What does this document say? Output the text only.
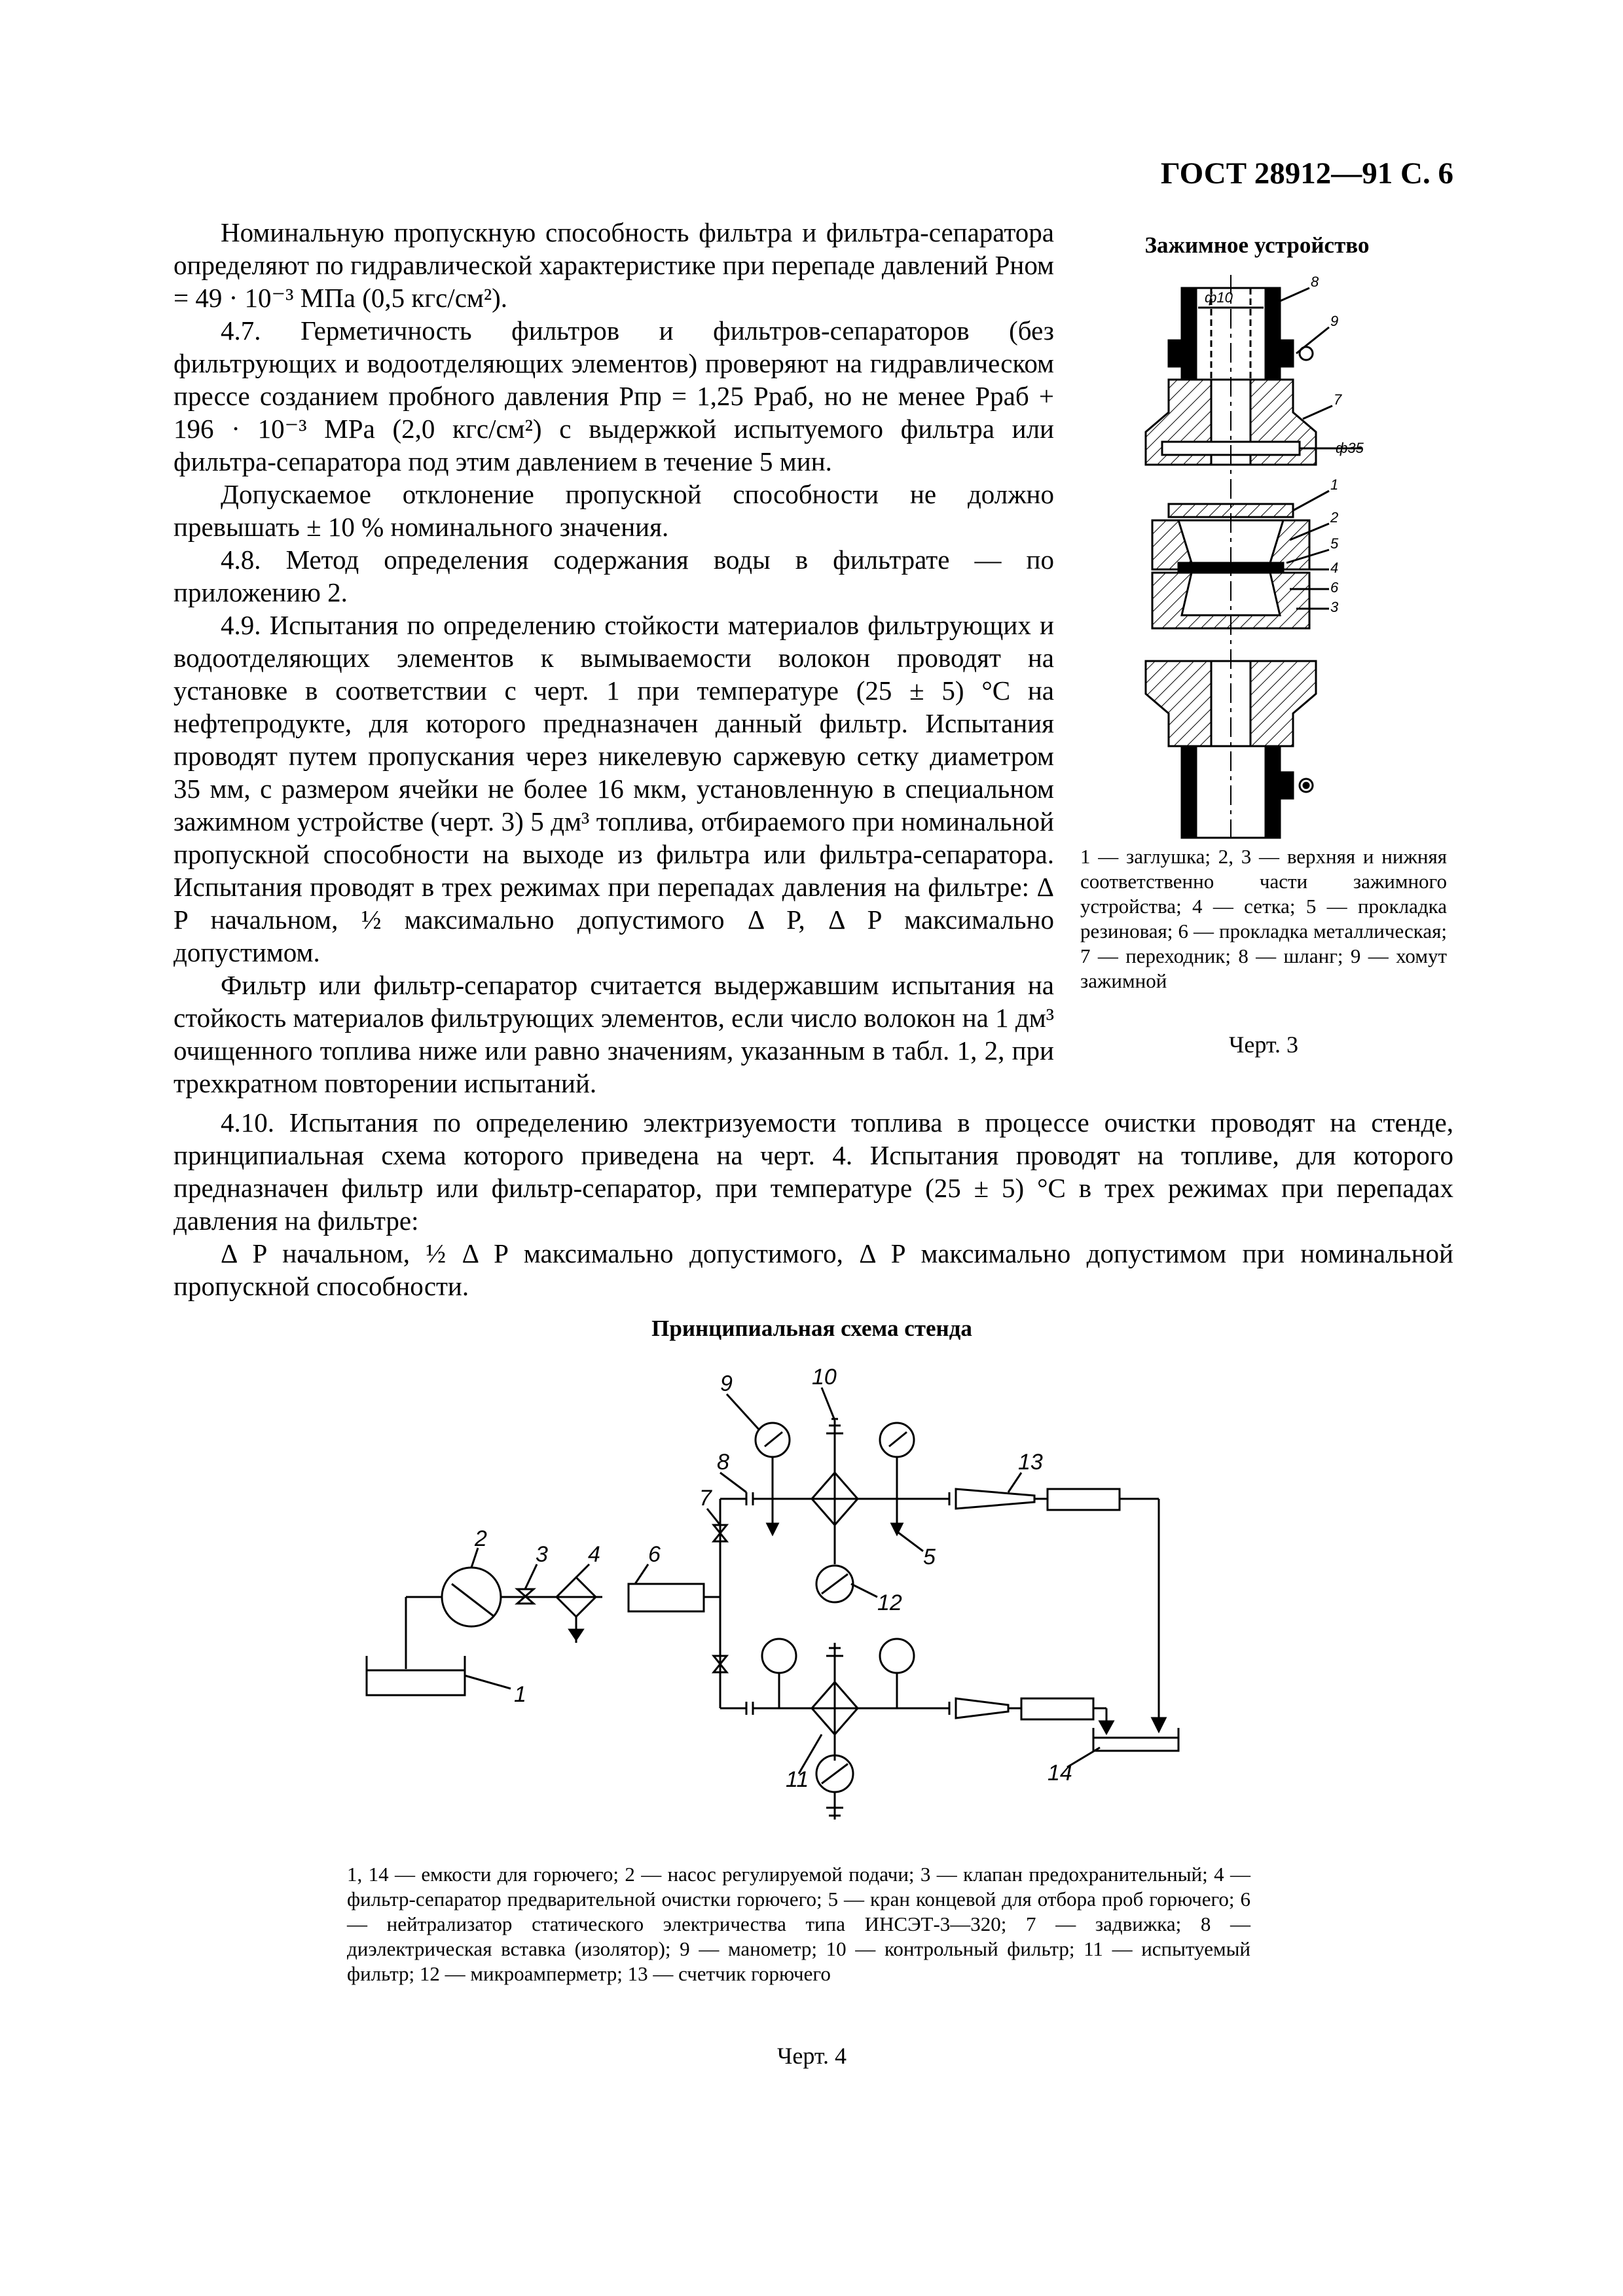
ГОСТ 28912—91 С. 6

Номинальную пропускную способность фильтра и фильтра-сепаратора определяют по гидравлической характеристике при перепаде давлений Pном = 49 · 10⁻³ МПа (0,5 кгс/см²).

4.7. Герметичность фильтров и фильтров-сепараторов (без фильтрующих и водоотделяющих элементов) проверяют на гидравлическом прессе созданием пробного давления Pпр = 1,25 Pраб, но не менее Pраб + 196 · 10⁻³ МРа (2,0 кгс/см²) с выдержкой испытуемого фильтра или фильтра-сепаратора под этим давлением в течение 5 мин.

Допускаемое отклонение пропускной способности не должно превышать ± 10 % номинального значения.

4.8. Метод определения содержания воды в фильтрате — по приложению 2.

4.9. Испытания по определению стойкости материалов фильтрующих и водоотделяющих элементов к вымываемости волокон проводят на установке в соответствии с черт. 1 при температуре (25 ± 5) °С на нефтепродукте, для которого предназначен данный фильтр. Испытания проводят путем пропускания через никелевую саржевую сетку диаметром 35 мм, с размером ячейки не более 16 мкм, установленную в специальном зажимном устройстве (черт. 3) 5 дм³ топлива, отбираемого при номинальной пропускной способности на выходе из фильтра или фильтра-сепаратора. Испытания проводят в трех режимах при перепадах давления на фильтре: Δ P начальном, ½ максимально допустимого Δ P, Δ P максимально допустимом.

Фильтр или фильтр-сепаратор считается выдержавшим испытания на стойкость материалов фильтрующих элементов, если число волокон на 1 дм³ очищенного топлива ниже или равно значениям, указанным в табл. 1, 2, при трехкратном повторении испытаний.

4.10. Испытания по определению электризуемости топлива в процессе очистки проводят на стенде, принципиальная схема которого приведена на черт. 4. Испытания проводят на топливе, для которого предназначен фильтр или фильтр-сепаратор, при температуре (25 ± 5) °С в трех режимах при перепадах давления на фильтре:

Δ P начальном, ½ Δ P максимально допустимого, Δ P максимально допустимом при номинальной пропускной способности.

Зажимное устройство
ф10
ф35
8
9
7
1
2
5
4
6
3
1 — заглушка; 2, 3 — верхняя и нижняя соответственно части зажимного устройства; 4 — сетка; 5 — прокладка резиновая; 6 — прокладка металлическая; 7 — переходник; 8 — шланг; 9 — хомут зажимной
Черт. 3
Принципиальная схема стенда
1
2
3 4 6
7
8
9	10
13
5
12
11	14
1, 14 — емкости для горючего; 2 — насос регулируемой подачи; 3 — клапан предохранительный; 4 — фильтр-сепаратор предварительной очистки горючего; 5 — кран концевой для отбора проб горючего; 6 — нейтрализатор статического электричества типа ИНСЭТ-3—320; 7 — задвижка; 8 — диэлектрическая вставка (изолятор); 9 — манометр; 10 — контрольный фильтр; 11 — испытуемый фильтр; 12 — микроамперметр; 13 — счетчик горючего
Черт. 4
